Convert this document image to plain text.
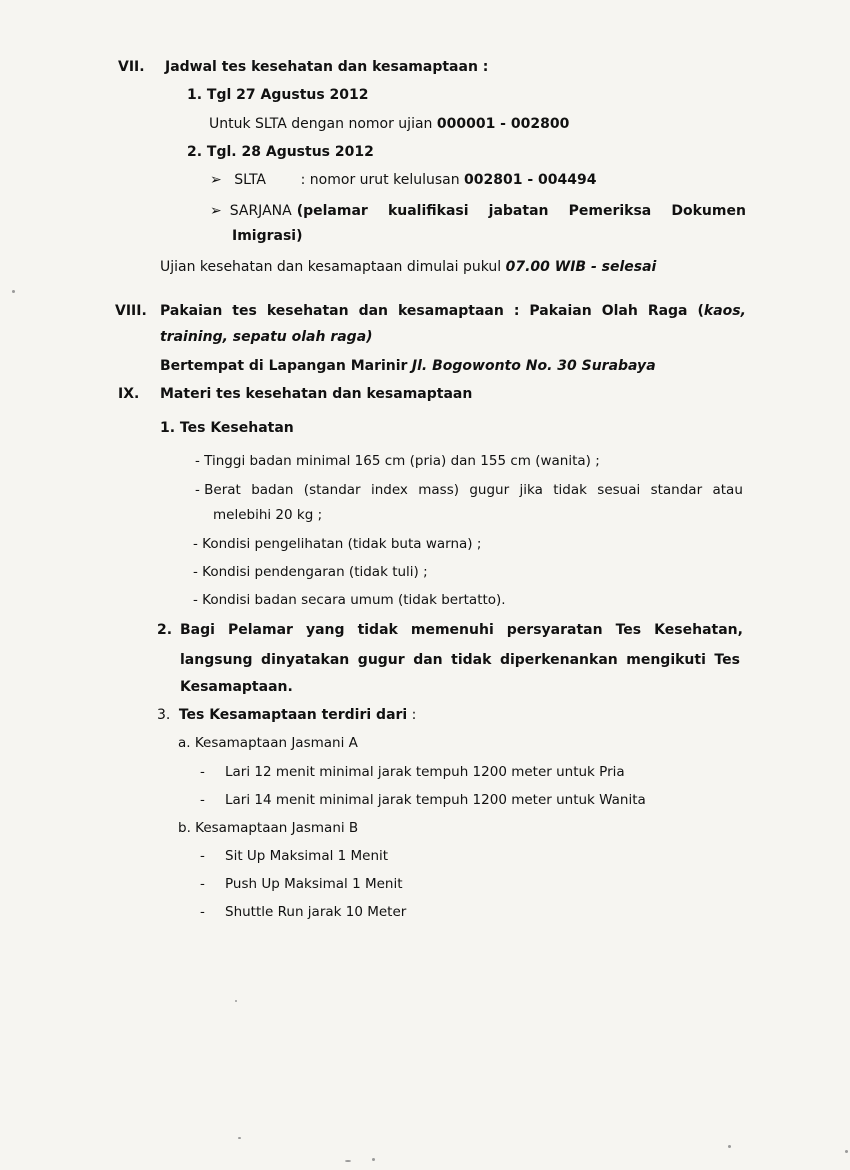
VII. Jadwal tes kesehatan dan kesamaptaan :
1. Tgl 27 Agustus 2012
Untuk SLTA dengan nomor ujian 000001 - 002800
2. Tgl. 28 Agustus 2012
➢ SLTA : nomor urut kelulusan 002801 - 004494
➢ SARJANA (pelamar kualifikasi jabatan Pemeriksa Dokumen
Imigrasi)
Ujian kesehatan dan kesamaptaan dimulai pukul 07.00 WIB - selesai
VIII. Pakaian tes kesehatan dan kesamaptaan : Pakaian Olah Raga (kaos,
training, sepatu olah raga)
Bertempat di Lapangan Marinir Jl. Bogowonto No. 30 Surabaya
IX. Materi tes kesehatan dan kesamaptaan
1. Tes Kesehatan
- Tinggi badan minimal 165 cm (pria) dan 155 cm (wanita) ;
- Berat badan (standar index mass) gugur jika tidak sesuai standar atau
melebihi 20 kg ;
- Kondisi pengelihatan (tidak buta warna) ;
- Kondisi pendengaran (tidak tuli) ;
- Kondisi badan secara umum (tidak bertatto).
2. Bagi Pelamar yang tidak memenuhi persyaratan Tes Kesehatan,
langsung dinyatakan gugur dan tidak diperkenankan mengikuti Tes
Kesamaptaan.
3. Tes Kesamaptaan terdiri dari :
a. Kesamaptaan Jasmani A
- Lari 12 menit minimal jarak tempuh 1200 meter untuk Pria
- Lari 14 menit minimal jarak tempuh 1200 meter untuk Wanita
b. Kesamaptaan Jasmani B
- Sit Up Maksimal 1 Menit
- Push Up Maksimal 1 Menit
- Shuttle Run jarak 10 Meter
